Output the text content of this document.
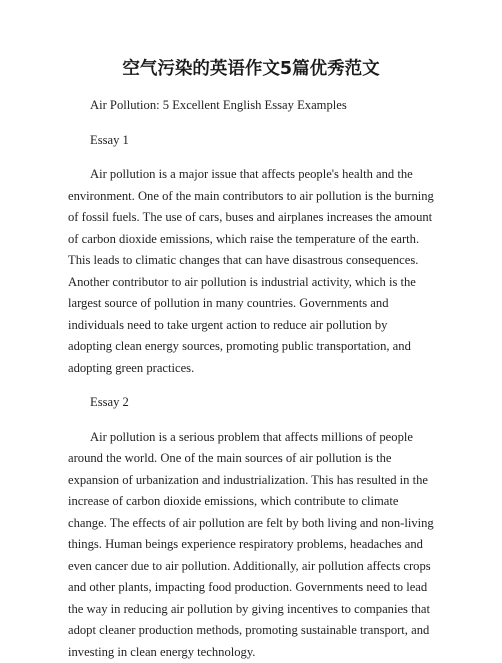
空气污染的英语作文5篇优秀范文

Air Pollution: 5 Excellent English Essay Examples

Essay 1

Air pollution is a major issue that affects people's health and the environment. One of the main contributors to air pollution is the burning of fossil fuels. The use of cars, buses and airplanes increases the amount of carbon dioxide emissions, which raise the temperature of the earth. This leads to climatic changes that can have disastrous consequences. Another contributor to air pollution is industrial activity, which is the largest source of pollution in many countries. Governments and individuals need to take urgent action to reduce air pollution by adopting clean energy sources, promoting public transportation, and adopting green practices.

Essay 2

Air pollution is a serious problem that affects millions of people around the world. One of the main sources of air pollution is the expansion of urbanization and industrialization. This has resulted in the increase of carbon dioxide emissions, which contribute to climate change. The effects of air pollution are felt by both living and non-living things. Human beings experience respiratory problems, headaches and even cancer due to air pollution. Additionally, air pollution affects crops and other plants, impacting food production. Governments need to lead the way in reducing air pollution by giving incentives to companies that adopt cleaner production methods, promoting sustainable transport, and investing in clean energy technology.
